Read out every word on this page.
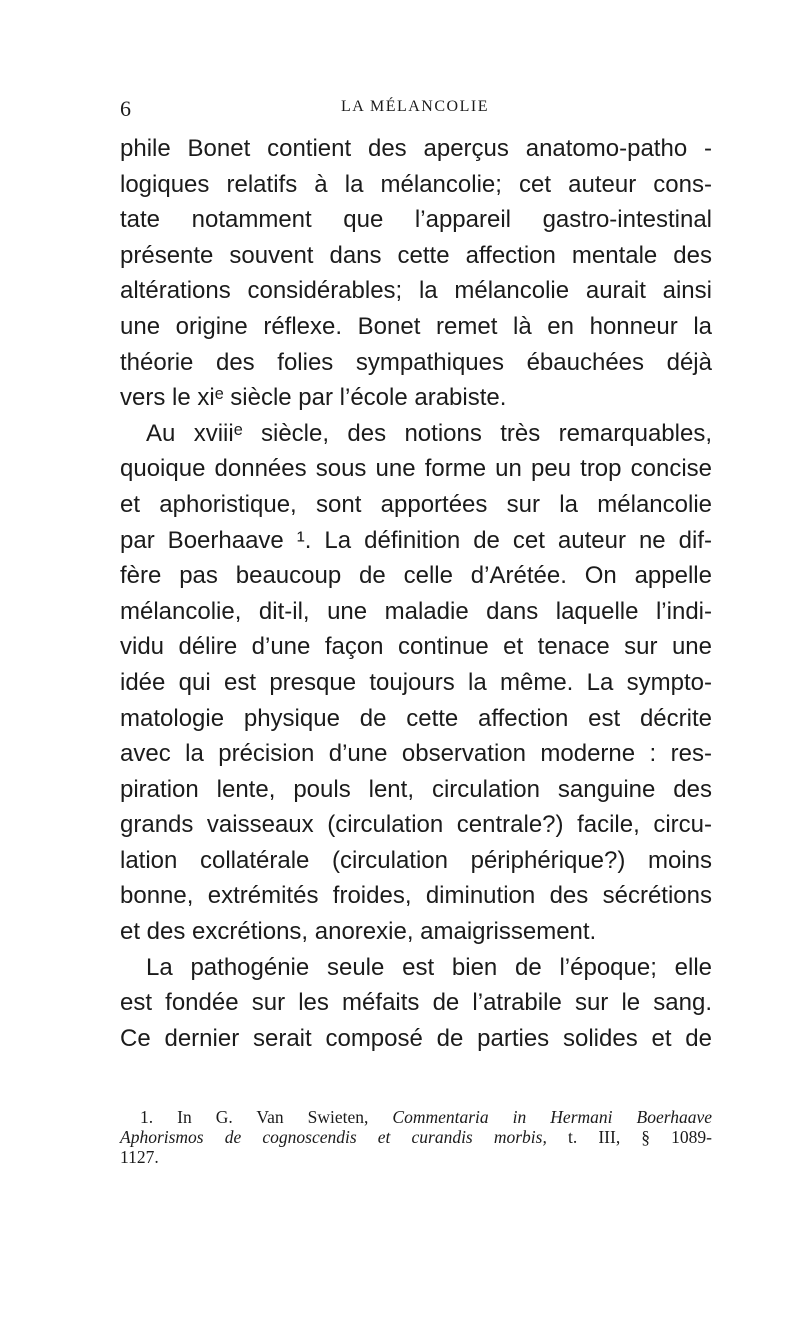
6	LA MÉLANCOLIE
phile Bonet contient des aperçus anatomo-patho -
logiques relatifs à la mélancolie; cet auteur cons-
tate notamment que l’appareil gastro-intestinal
présente souvent dans cette affection mentale des
altérations considérables; la mélancolie aurait ainsi
une origine réflexe. Bonet remet là en honneur la
théorie des folies sympathiques ébauchées déjà
vers le xiᵉ siècle par l’école arabiste.
Au xviiiᵉ siècle, des notions très remarquables,
quoique données sous une forme un peu trop concise
et aphoristique, sont apportées sur la mélancolie
par Boerhaave ¹. La définition de cet auteur ne dif-
fère pas beaucoup de celle d’Arétée. On appelle
mélancolie, dit-il, une maladie dans laquelle l’indi-
vidu délire d’une façon continue et tenace sur une
idée qui est presque toujours la même. La sympto-
matologie physique de cette affection est décrite
avec la précision d’une observation moderne : res-
piration lente, pouls lent, circulation sanguine des
grands vaisseaux (circulation centrale?) facile, circu-
lation collatérale (circulation périphérique?) moins
bonne, extrémités froides, diminution des sécrétions
et des excrétions, anorexie, amaigrissement.
La pathogénie seule est bien de l’époque; elle
est fondée sur les méfaits de l’atrabile sur le sang.
Ce dernier serait composé de parties solides et de
1. In G. Van Swieten, Commentaria in Hermani Boerhaave
Aphorismos de cognoscendis et curandis morbis, t. III, § 1089-
1127.
